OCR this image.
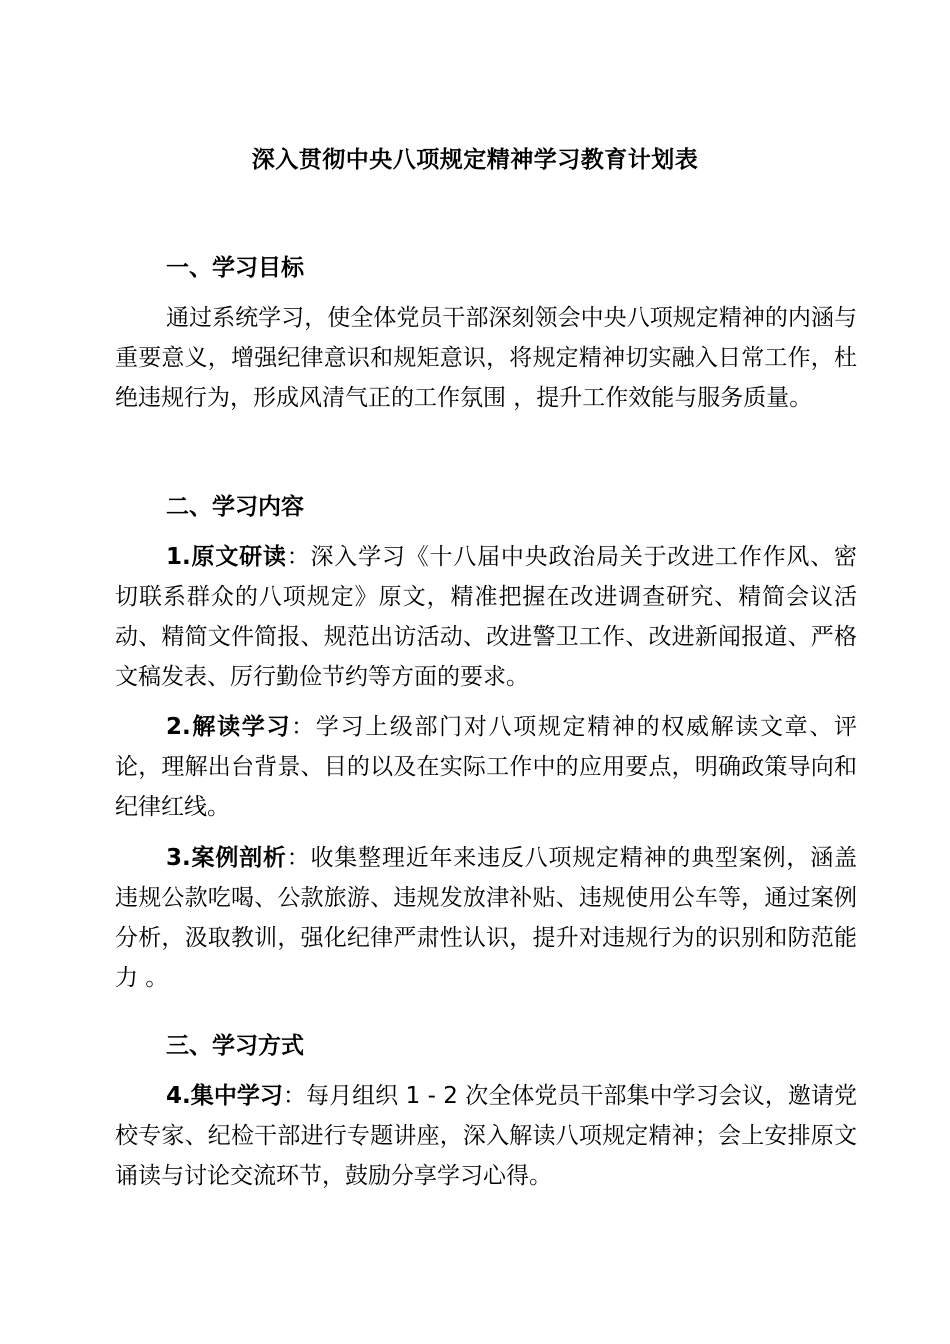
深入贯彻中央八项规定精神学习教育计划表
一、学习目标

通过系统学习，使全体党员干部深刻领会中央八项规定精神的内涵与重要意义，增强纪律意识和规矩意识，将规定精神切实融入日常工作，杜绝违规行为，形成风清气正的工作氛围 ，提升工作效能与服务质量。

二、学习内容

1.原文研读：深入学习《十八届中央政治局关于改进工作作风、密切联系群众的八项规定》原文，精准把握在改进调查研究、精简会议活动、精简文件简报、规范出访活动、改进警卫工作、改进新闻报道、严格文稿发表、厉行勤俭节约等方面的要求。

2.解读学习：学习上级部门对八项规定精神的权威解读文章、评论，理解出台背景、目的以及在实际工作中的应用要点，明确政策导向和纪律红线。

3.案例剖析：收集整理近年来违反八项规定精神的典型案例，涵盖违规公款吃喝、公款旅游、违规发放津补贴、违规使用公车等，通过案例分析，汲取教训，强化纪律严肃性认识，提升对违规行为的识别和防范能力 。

三、学习方式

4.集中学习：每月组织 1 - 2 次全体党员干部集中学习会议，邀请党校专家、纪检干部进行专题讲座，深入解读八项规定精神；会上安排原文诵读与讨论交流环节，鼓励分享学习心得。
